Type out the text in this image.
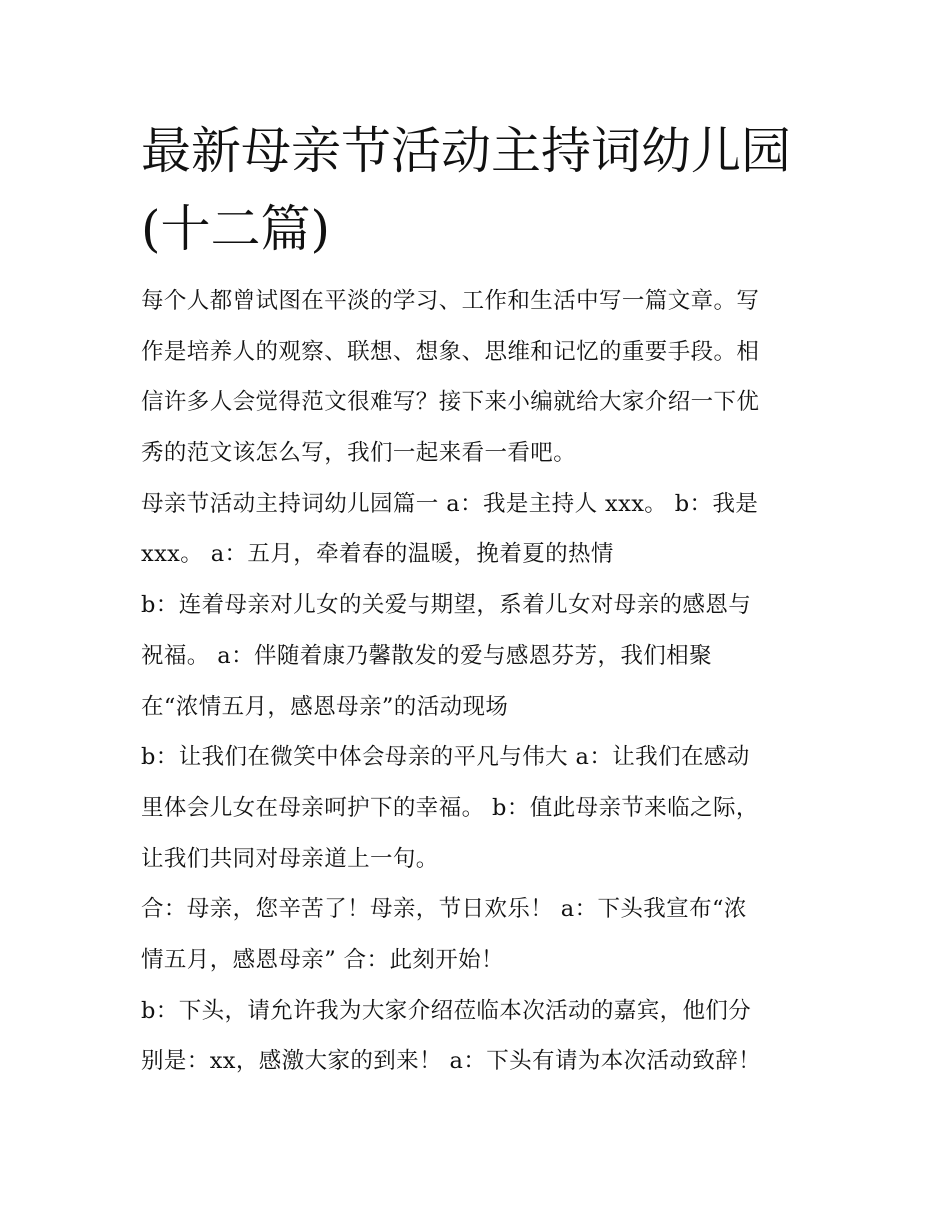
最新母亲节活动主持词幼儿园
(十二篇)
每个人都曾试图在平淡的学习、工作和生活中写一篇文章。写
作是培养人的观察、联想、想象、思维和记忆的重要手段。相
信许多人会觉得范文很难写？接下来小编就给大家介绍一下优
秀的范文该怎么写，我们一起来看一看吧。
母亲节活动主持词幼儿园篇一 a：我是主持人 xxx。 b：我是
xxx。 a：五月，牵着春的温暖，挽着夏的热情
b：连着母亲对儿女的关爱与期望，系着儿女对母亲的感恩与
祝福。 a：伴随着康乃馨散发的爱与感恩芬芳，我们相聚
在“浓情五月，感恩母亲”的活动现场
b：让我们在微笑中体会母亲的平凡与伟大 a：让我们在感动
里体会儿女在母亲呵护下的幸福。 b：值此母亲节来临之际，
让我们共同对母亲道上一句。
合：母亲，您辛苦了！母亲，节日欢乐！ a：下头我宣布“浓
情五月，感恩母亲” 合：此刻开始！
b：下头，请允许我为大家介绍莅临本次活动的嘉宾，他们分
别是：xx，感激大家的到来！ a：下头有请为本次活动致辞！
